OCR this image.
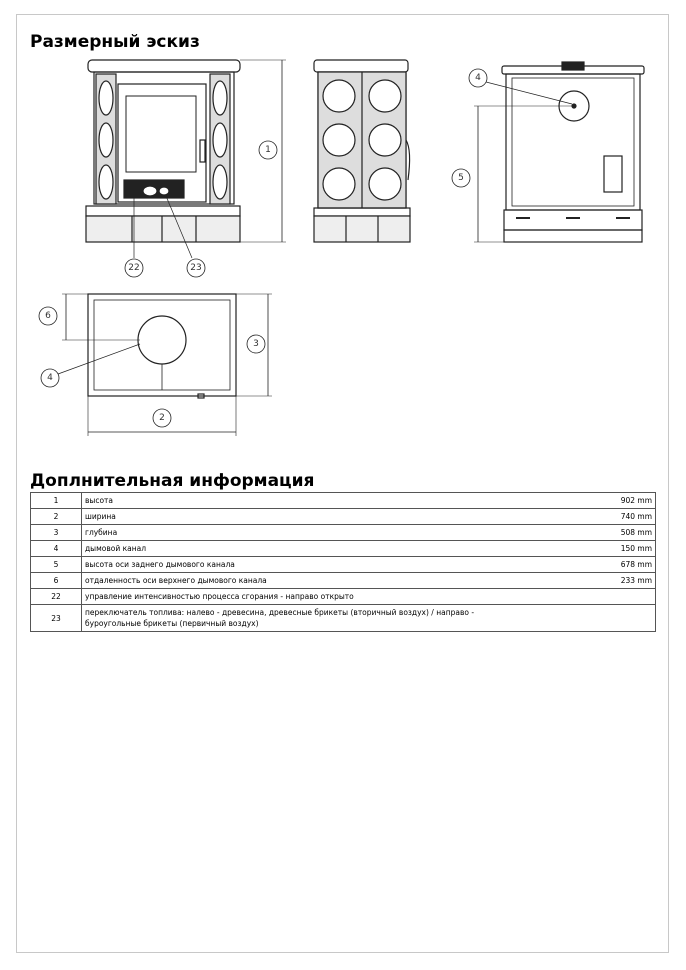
Размерный эскиз
1
22	23
4
5
6
4
3
2
Доплнительная информация
1	высота	902 mm
2	ширина	740 mm
3	глубина	508 mm
4	дымовой канал	150 mm
5	высота оси заднего дымового канала	678 mm
6	отдаленность оси верхнего дымового канала	233 mm
22	управление интенсивностью процесса сгорания - направо открыто	
23	переключатель топлива: налево - древесина, древесные брикеты (вторичный воздух) / направо - буроугольные брикеты (первичный воздух)	
